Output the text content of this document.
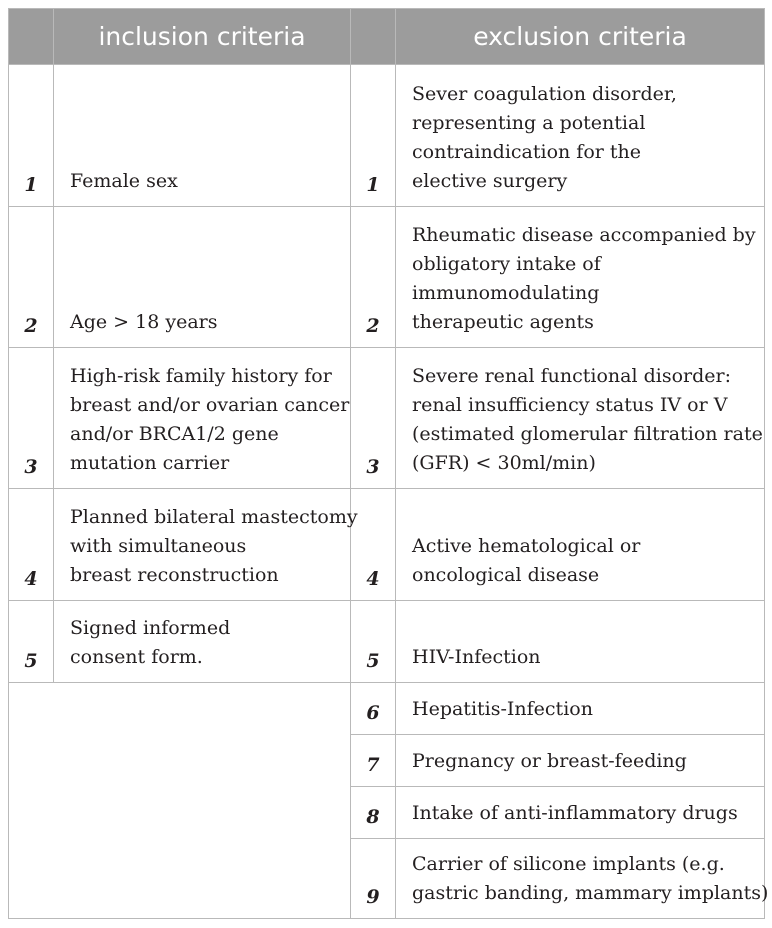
	inclusion criteria		exclusion criteria
1	Female sex	1	Sever coagulation disorder,
representing a potential
contraindication for the
elective surgery

2	Age > 18 years	2	Rheumatic disease accompanied by
obligatory intake of
immunomodulating
therapeutic agents

3	High-risk family history for
breast and/or ovarian cancer
and/or BRCA1/2 gene
mutation carrier	3	Severe renal functional disorder:
renal insufficiency status IV or V
(estimated glomerular filtration rate
(GFR) < 30ml/min)

4	Planned bilateral mastectomy
with simultaneous
breast reconstruction	4	Active hematological or
oncological disease

5	Signed informed
consent form.	5	HIV-Infection

		6	Hepatitis-Infection

		7	Pregnancy or breast-feeding

		8	Intake of anti-inflammatory drugs

		9	Carrier of silicone implants (e.g.
gastric banding, mammary implants)
